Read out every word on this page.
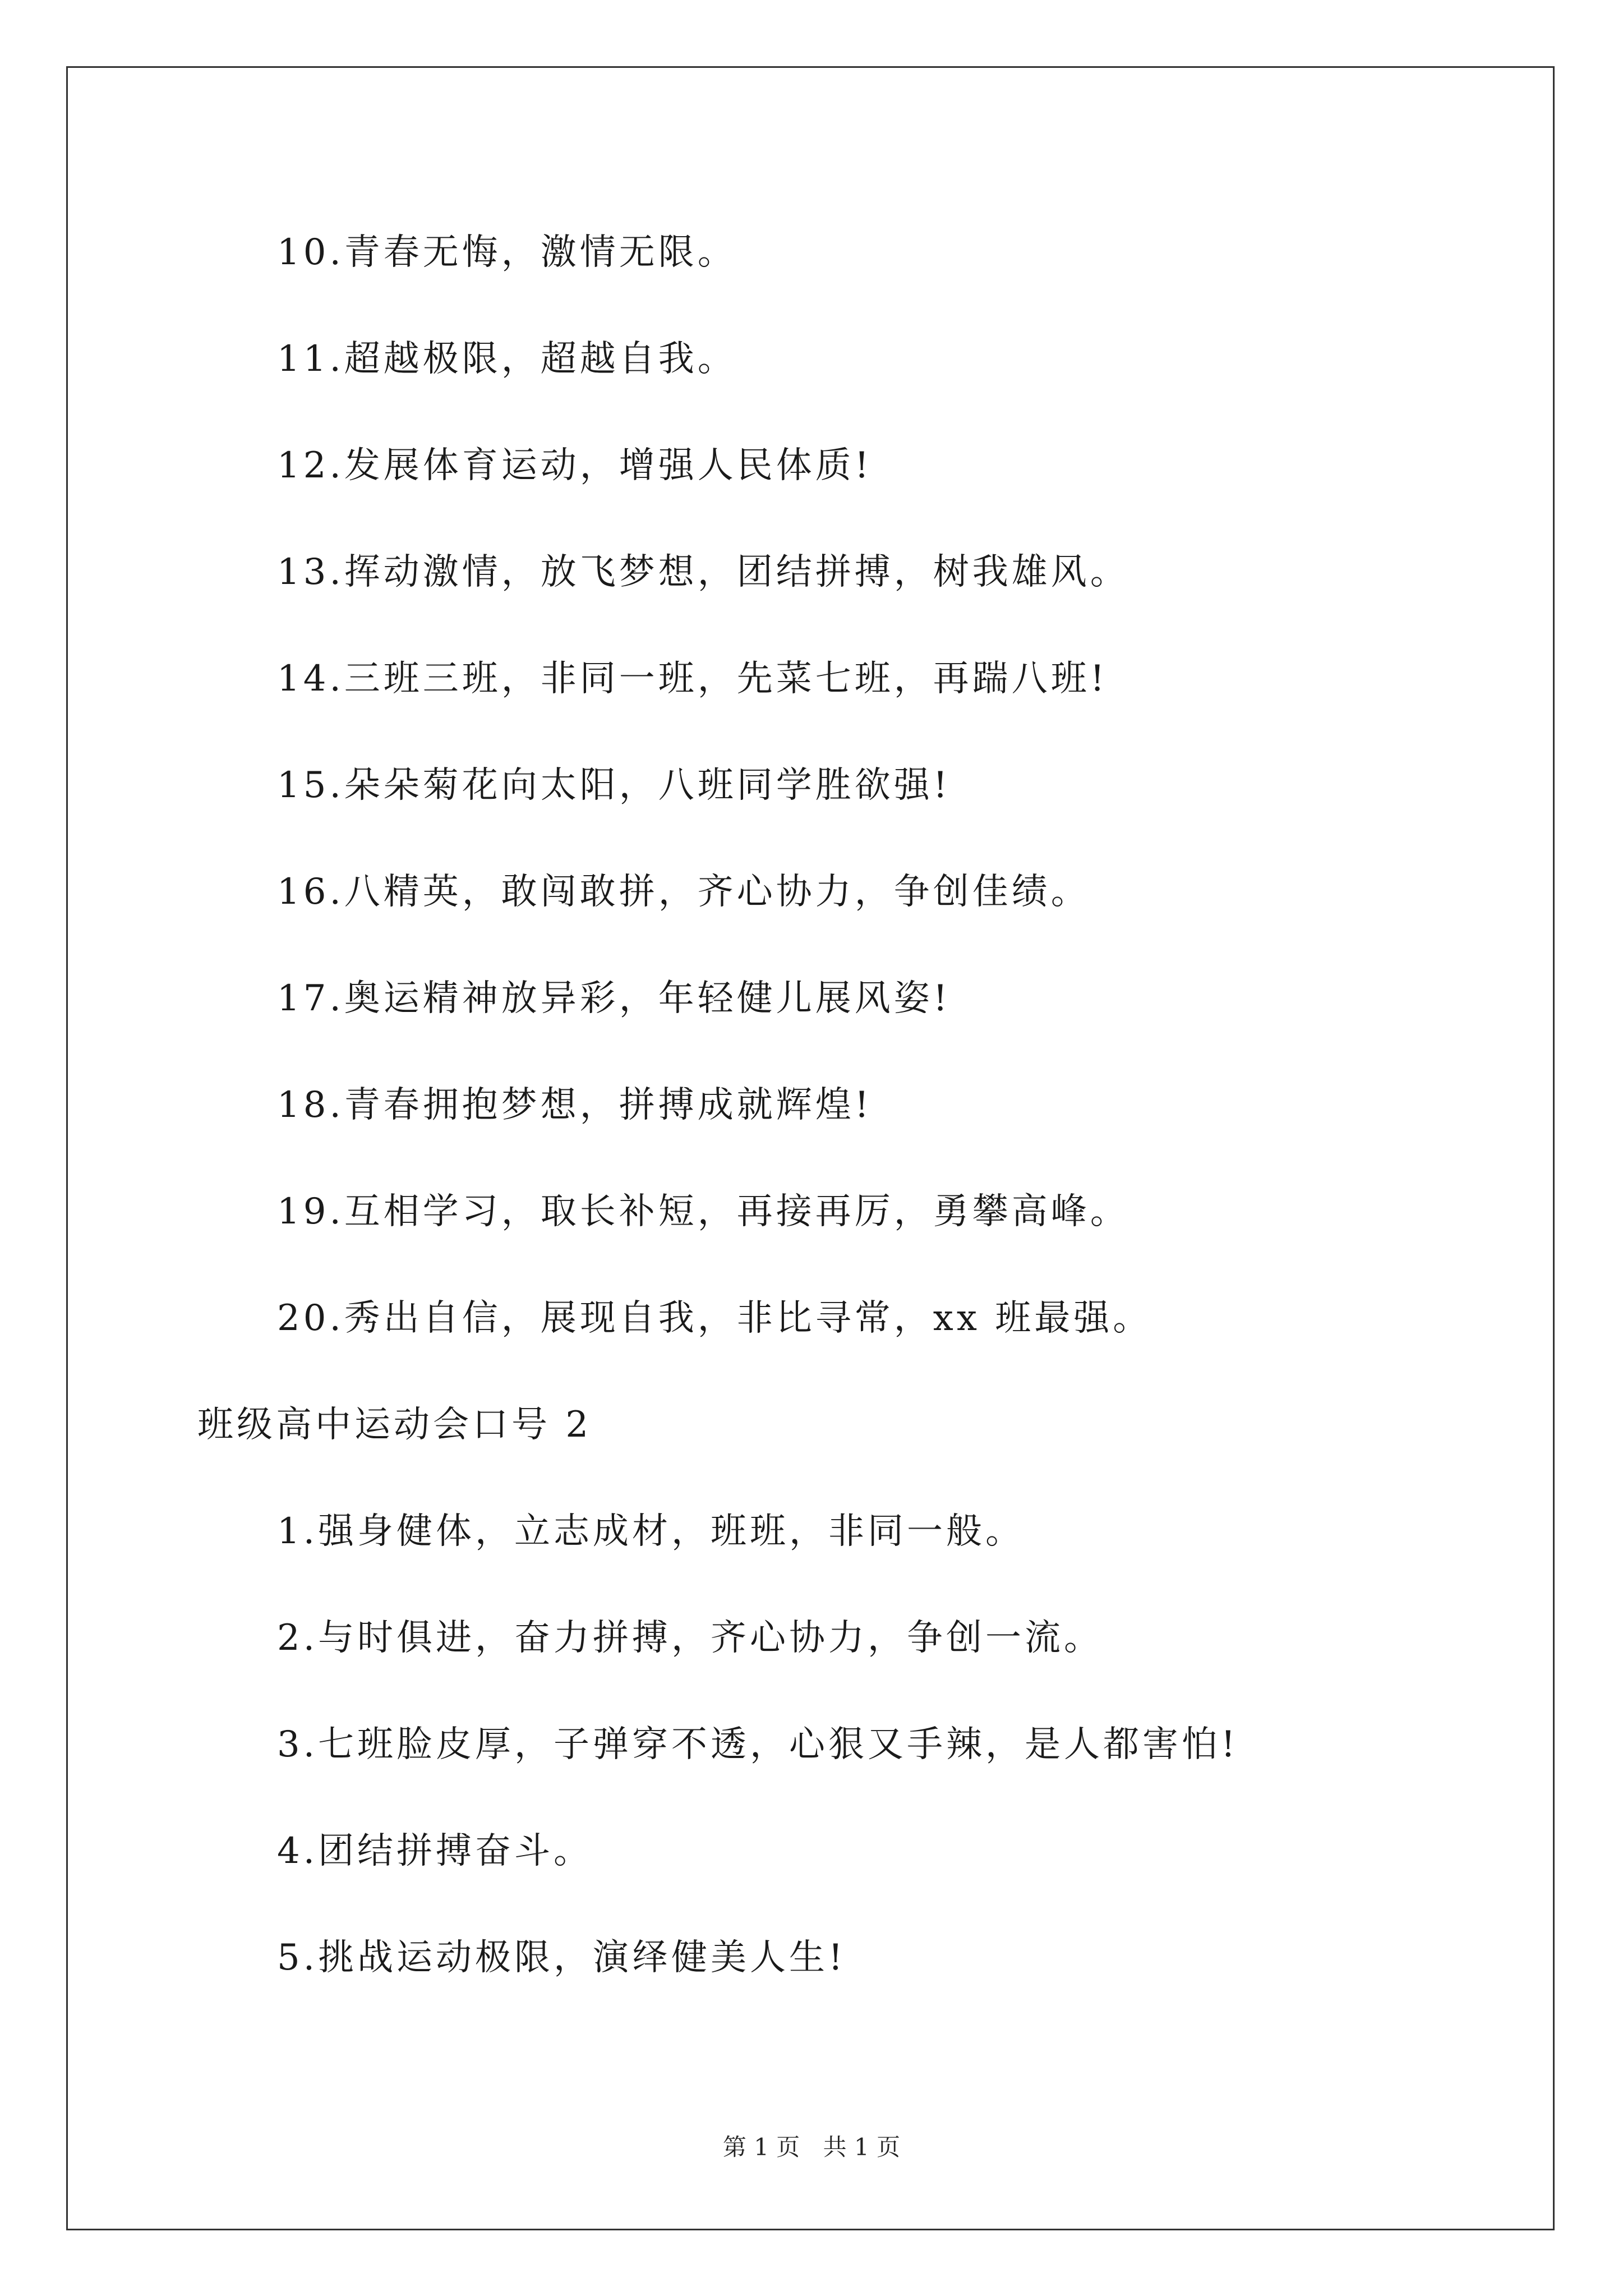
10.青春无悔，激情无限。
11.超越极限，超越自我。
12.发展体育运动，增强人民体质!
13.挥动激情，放飞梦想，团结拼搏，树我雄风。
14.三班三班，非同一班，先菜七班，再踹八班!
15.朵朵菊花向太阳，八班同学胜欲强!
16.八精英，敢闯敢拼，齐心协力，争创佳绩。
17.奥运精神放异彩，年轻健儿展风姿!
18.青春拥抱梦想，拼搏成就辉煌!
19.互相学习，取长补短，再接再厉，勇攀高峰。
20.秀出自信，展现自我，非比寻常，xx 班最强。
班级高中运动会口号 2
1.强身健体，立志成材，班班，非同一般。
2.与时俱进，奋力拼搏，齐心协力，争创一流。
3.七班脸皮厚，子弹穿不透，心狠又手辣，是人都害怕!
4.团结拼搏奋斗。
5.挑战运动极限，演绎健美人生!
第 1 页 共 1 页
